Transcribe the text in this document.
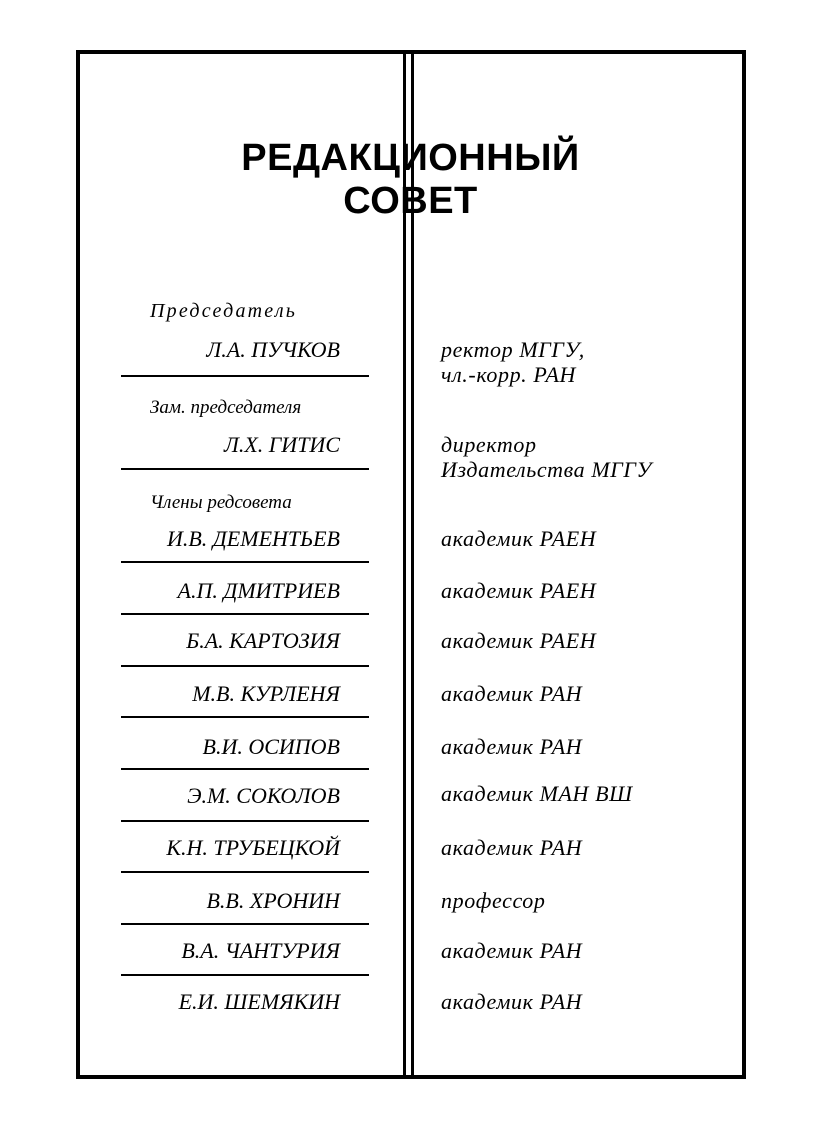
РЕДАКЦИОННЫЙ
СОВЕТ
Председатель
Л.А. ПУЧКОВ	ректор МГГУ,
чл.-корр. РАН
Зам. председателя
Л.Х. ГИТИС	директор
Издательства МГГУ
Члены редсовета
И.В. ДЕМЕНТЬЕВ	академик РАЕН
А.П. ДМИТРИЕВ	академик РАЕН
Б.А. КАРТОЗИЯ	академик РАЕН
М.В. КУРЛЕНЯ	академик РАН
В.И. ОСИПОВ	академик РАН
Э.М. СОКОЛОВ	академик МАН ВШ
К.Н. ТРУБЕЦКОЙ	академик РАН
В.В. ХРОНИН	профессор
В.А. ЧАНТУРИЯ	академик РАН
Е.И. ШЕМЯКИН	академик РАН
